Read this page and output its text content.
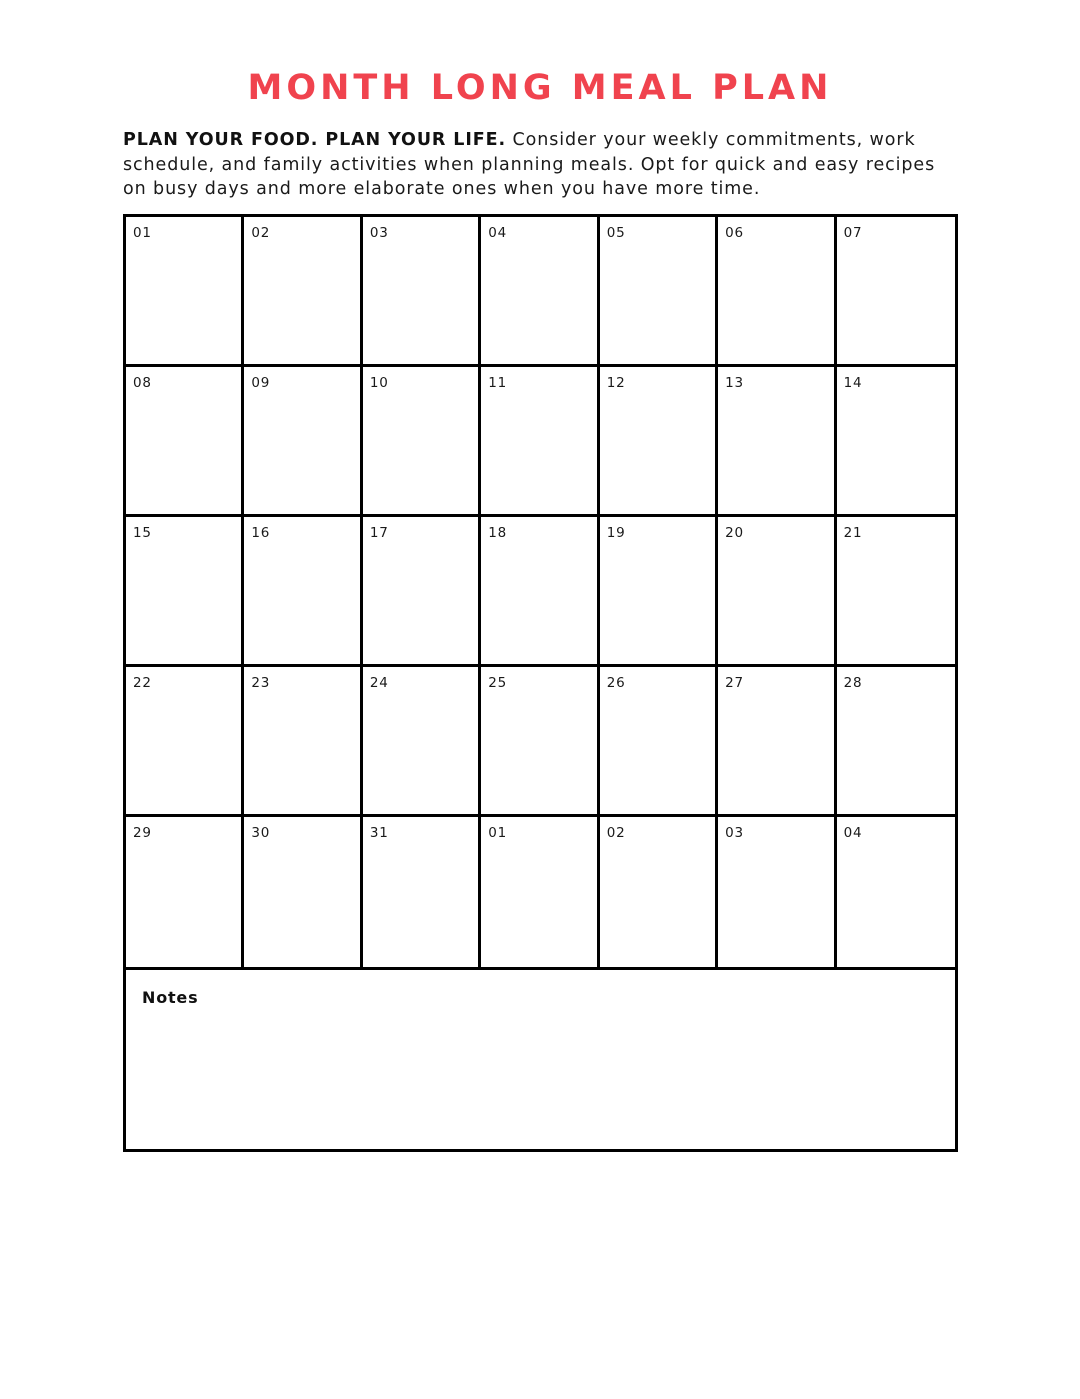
MONTH LONG MEAL PLAN

PLAN YOUR FOOD. PLAN YOUR LIFE. Consider your weekly commitments, work schedule, and family activities when planning meals. Opt for quick and easy recipes on busy days and more elaborate ones when you have more time.

01	02	03	04	05	06	07
08	09	10	11	12	13	14
15	16	17	18	19	20	21
22	23	24	25	26	27	28
29	30	31	01	02	03	04
Notes
